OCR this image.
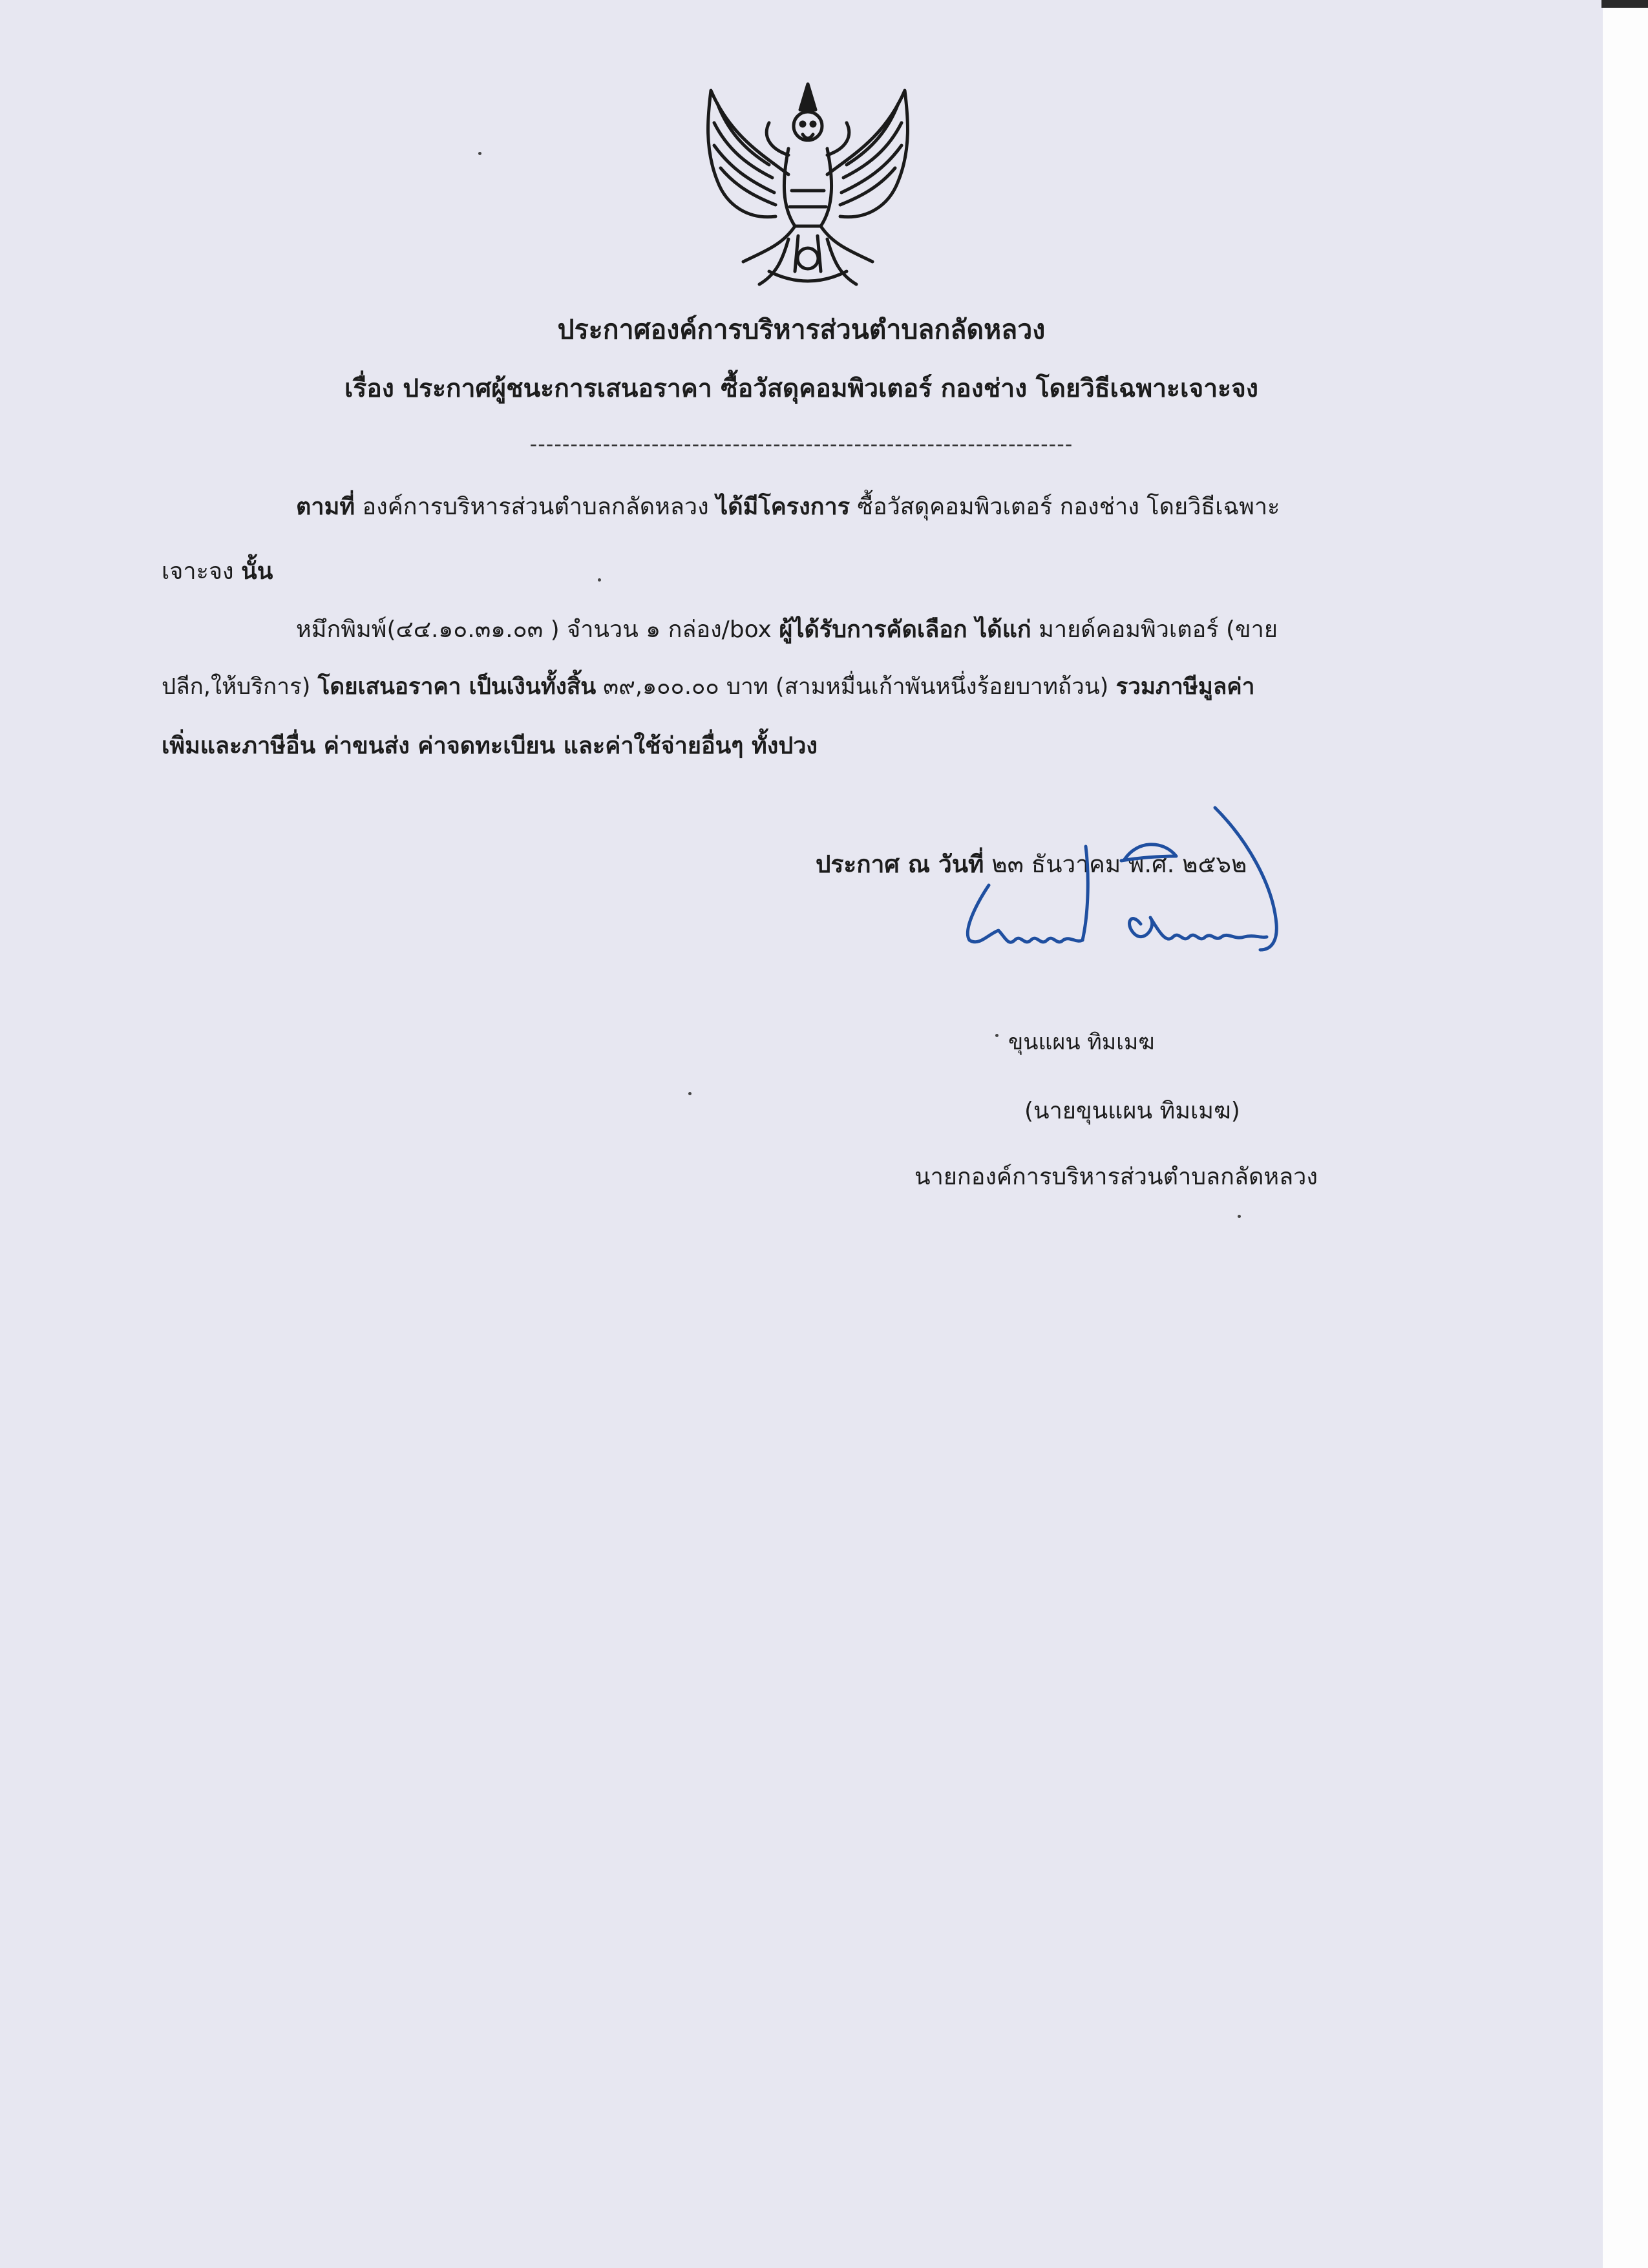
ประกาศองค์การบริหารส่วนตำบลกลัดหลวง
เรื่อง ประกาศผู้ชนะการเสนอราคา ซื้อวัสดุคอมพิวเตอร์ กองช่าง โดยวิธีเฉพาะเจาะจง
-------------------------------------------------------------------
ตามที่ องค์การบริหารส่วนตำบลกลัดหลวง ได้มีโครงการ ซื้อวัสดุคอมพิวเตอร์ กองช่าง โดยวิธีเฉพาะ
เจาะจง นั้น
หมึกพิมพ์(๔๔.๑๐.๓๑.๐๓ ) จำนวน ๑ กล่อง/box ผู้ได้รับการคัดเลือก ได้แก่ มายด์คอมพิวเตอร์ (ขาย
ปลีก,ให้บริการ) โดยเสนอราคา เป็นเงินทั้งสิ้น ๓๙,๑๐๐.๐๐ บาท (สามหมื่นเก้าพันหนึ่งร้อยบาทถ้วน) รวมภาษีมูลค่า
เพิ่มและภาษีอื่น ค่าขนส่ง ค่าจดทะเบียน และค่าใช้จ่ายอื่นๆ ทั้งปวง
ประกาศ ณ วันที่ ๒๓ ธันวาคม พ.ศ. ๒๕๖๒
ขุนแผน ทิมเมฆ
(นายขุนแผน ทิมเมฆ)
นายกองค์การบริหารส่วนตำบลกลัดหลวง
